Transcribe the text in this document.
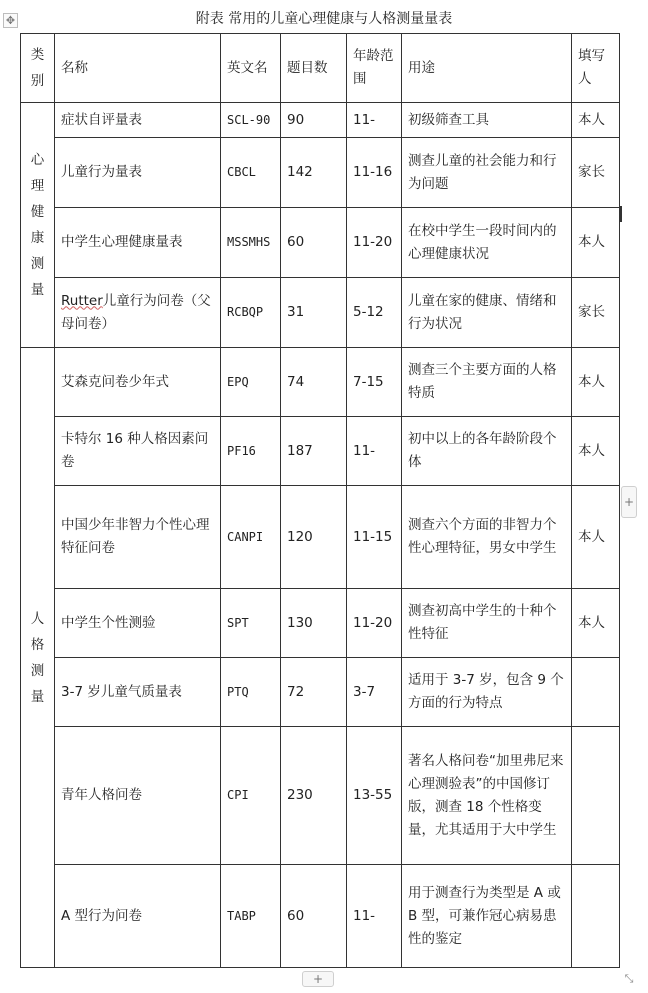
附表 常用的儿童心理健康与人格测量量表
✥
类别	名称	英文名	题目数	年龄范围	用途	填写人
心理健康测量	症状自评量表	SCL-90	90	11-	初级筛查工具	本人
	儿童行为量表	CBCL	142	11-16	测查儿童的社会能力和行为问题	家长
	中学生心理健康量表	MSSMHS	60	11-20	在校中学生一段时间内的心理健康状况	本人
	Rutter儿童行为问卷（父母问卷）	RCBQP	31	5-12	儿童在家的健康、情绪和行为状况	家长
人格测量	艾森克问卷少年式	EPQ	74	7-15	测查三个主要方面的人格特质	本人
	卡特尔 16 种人格因素问卷	PF16	187	11-	初中以上的各年龄阶段个体	本人
	中国少年非智力个性心理特征问卷	CANPI	120	11-15	测查六个方面的非智力个性心理特征，男女中学生	本人
	中学生个性测验	SPT	130	11-20	测查初高中学生的十种个性特征	本人
	3-7 岁儿童气质量表	PTQ	72	3-7	适用于 3-7 岁，包含 9 个方面的行为特点	
	青年人格问卷	CPI	230	13-55	著名人格问卷“加里弗尼来心理测验表”的中国修订版，测查 18 个性格变量，尤其适用于大中学生	
	A 型行为问卷	TABP	60	11-	用于测查行为类型是 A 或 B 型，可兼作冠心病易患性的鉴定	
+
+	⤡
